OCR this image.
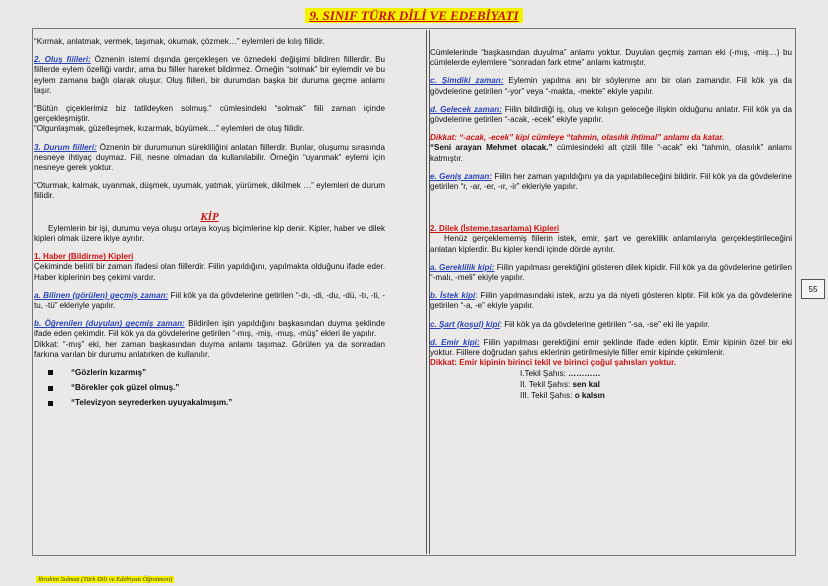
9. SINIF TÜRK DİLİ VE EDEBİYATI

“Kırmak, anlatmak, vermek, taşımak, okumak, çözmek…” eylemleri de kılış fiilidir.

2. Oluş fiilleri: Öznenin istemi dışında gerçekleşen ve öznedeki değişimi bildiren fiillerdir. Bu fiillerde eylem özelliği vardır, ama bu fiiller hareket bildirmez. Örneğin “solmak” bir eylemdir ve bu eylem zamana bağlı olarak oluşur. Oluş fiilleri, bir durumdan başka bir duruma geçme anlamı taşır.

“Bütün çiçeklerimiz biz tatildeyken solmuş.” cümlesindeki “solmak” fiili zaman içinde gerçekleşmiştir.

“Olgunlaşmak, güzelleşmek, kızarmak, büyümek…” eylemleri de oluş fiilidir.

3. Durum fiilleri: Öznenin bir durumunun sürekliliğini anlatan fiillerdir. Bunlar, oluşumu sırasında nesneye ihtiyaç duymaz. Fiil, nesne olmadan da kullanılabilir. Örneğin “uyanmak” eylemi için nesneye gerek yoktur.

“Oturmak, kalmak, uyanmak, düşmek, uyumak, yatmak, yürümek, dikilmek …” eylemleri de durum fiilidir.

KİP

Eylemlerin bir işi, durumu veya oluşu ortaya koyuş biçimlerine kip denir. Kipler, haber ve dilek kipleri olmak üzere ikiye ayrılır.

1. Haber (Bildirme) Kipleri

Çekiminde belirli bir zaman ifadesi olan fiillerdir. Fiilin yapıldığını, yapılmakta olduğunu ifade eder. Haber kiplerinin beş çekimi vardır.

a. Bilinen (görülen) geçmiş zaman: Fiil kök ya da gövdelerine getirilen “-dı, -di, -du, -dü, -tı, -ti, -tu, -tü” ekleriyle yapılır.

b. Öğrenilen (duyulan) geçmiş zaman: Bildirilen işin yapıldığını başkasından duyma şeklinde ifade eden çekimdir. Fiil kök ya da gövdelerine getirilen “-mış, -miş, -muş, -müş” ekleri ile yapılır.

Dikkat: “-mış” eki, her zaman başkasından duyma anlamı taşımaz. Görülen ya da sonradan farkına varılan bir durumu anlatırken de kullanılır.

“Gözlerin kızarmış”
“Börekler çok güzel olmuş.”
“Televizyon seyrederken uyuyakalmışım.”

Cümlelerinde “başkasından duyulma” anlamı yoktur. Duyulan geçmiş zaman eki (-mış, -miş…) bu cümlelerde eylemlere “sonradan fark etme” anlamı katmıştır.

c. Şimdiki zaman: Eylemin yapılma anı bir söylenme anı bir olan zamandır. Fiil kök ya da gövdelerine getirilen “-yor” veya “-makta, -mekte” ekiyle yapılır.

d. Gelecek zaman: Fiilin bildirdiği iş, oluş ve kılışın geleceğe ilişkin olduğunu anlatır. Fiil kök ya da gövdelerine getirilen “-acak, -ecek” ekiyle yapılır.

Dikkat: “-acak, -ecek” kipi cümleye “tahmin, olasılık ihtimal” anlamı da katar.

“Seni arayan Mehmet olacak.” cümlesindeki alt çizili fille “-acak” eki “tahmin, olasılık” anlamı katmıştır.

e. Geniş zaman: Fiilin her zaman yapıldığını ya da yapılabileceğini bildirir. Fiil kök ya da gövdelerine getirilen “r, -ar, -er, -ır, -ir” ekleriyle yapılır.

2. Dilek (İsteme,tasarlama) Kipleri

Henüz gerçeklememiş fiilerin istek, emir, şart ve gereklilik anlamlarıyla gerçekleştirileceğini anlatan kiplerdir. Bu kipler kendi içinde dörde ayrılır.

a. Gereklilik kipi: Fiilin yapılması gerektiğini gösteren dilek kipidir. Fiil kök ya da gövdelerine getirilen “-malı, -meli” ekiyle yapılır.

b. İstek kipi: Fiilin yapılmasındaki istek, arzu ya da niyeti gösteren kiptir. Fiil kök ya da gövdelerine getirilen “-a, -e” ekiyle yapılır.

c. Şart (koşul) kipi: Fiil kök ya da gövdelerine getirilen “-sa, -se” eki ile yapılır.

d. Emir kipi: Fiilin yapılması gerektiğini emir şeklinde ifade eden kiptir. Emir kipinin özel bir eki yoktur. Fiillere doğrudan şahıs eklerinin getirilmesiyle fiiller emir kipinde çekimlenir.

Dikkat: Emir kipinin birinci tekil ve birinci çoğul şahısları yoktur.
I.Tekil Şahıs: …………
II. Tekil Şahıs: sen kal
III. Tekil Şahıs: o kalsın
55
İbrahim Solmaz (Türk Dili ve Edebiyatı Öğretmeni)
